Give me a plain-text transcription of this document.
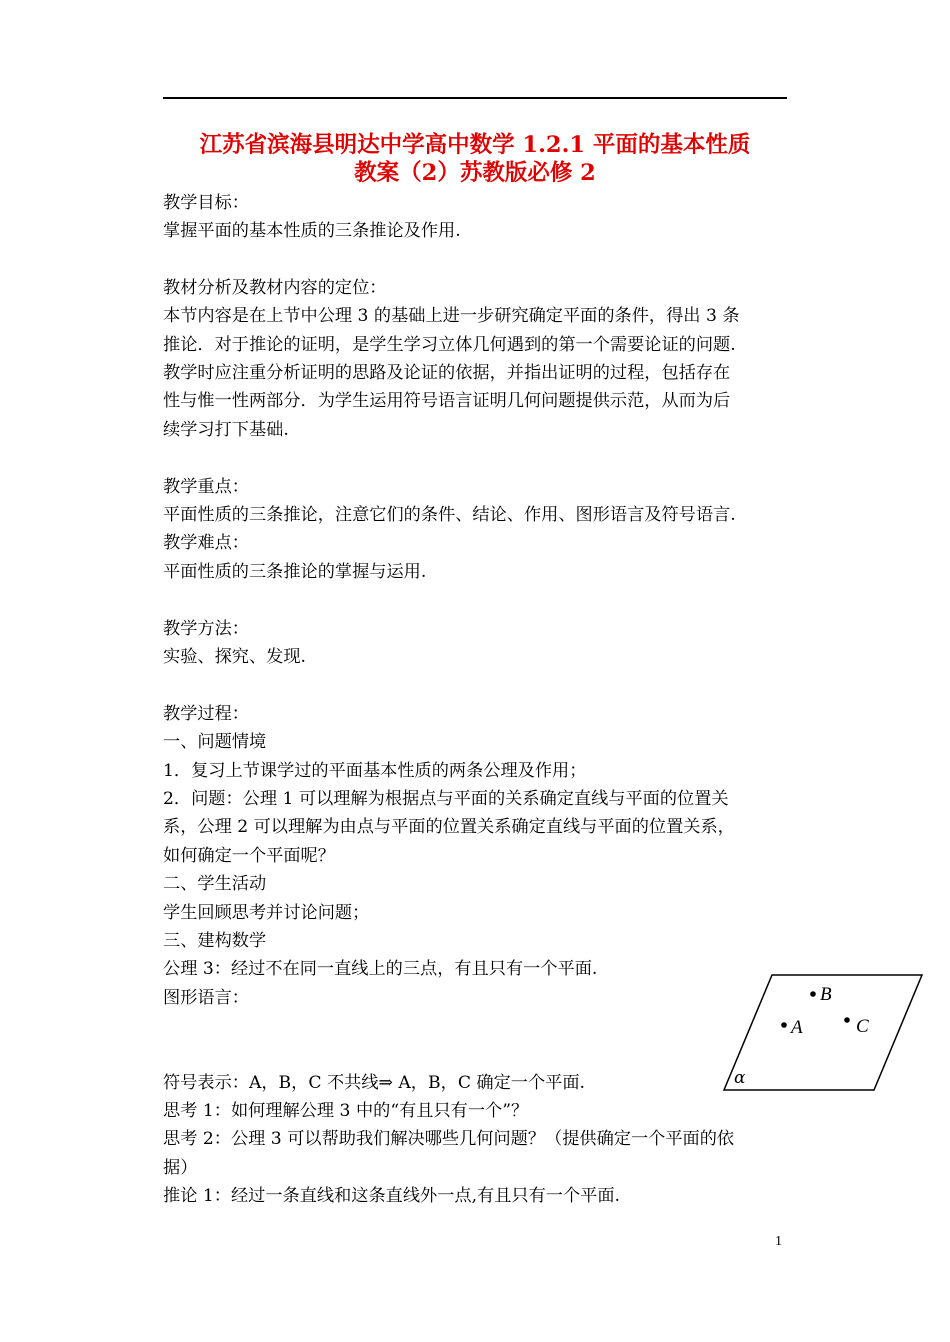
江苏省滨海县明达中学高中数学 1.2.1 平面的基本性质
教案（2）苏教版必修 2
教学目标：
掌握平面的基本性质的三条推论及作用.
教材分析及教材内容的定位：
本节内容是在上节中公理 3 的基础上进一步研究确定平面的条件，得出 3 条
推论．对于推论的证明，是学生学习立体几何遇到的第一个需要论证的问题.
教学时应注重分析证明的思路及论证的依据，并指出证明的过程，包括存在
性与惟一性两部分．为学生运用符号语言证明几何问题提供示范，从而为后
续学习打下基础.
教学重点：
平面性质的三条推论，注意它们的条件、结论、作用、图形语言及符号语言.
教学难点：
平面性质的三条推论的掌握与运用.
教学方法：
实验、探究、发现.
教学过程：
一、问题情境
1．复习上节课学过的平面基本性质的两条公理及作用；
2．问题：公理 1 可以理解为根据点与平面的关系确定直线与平面的位置关
系，公理 2 可以理解为由点与平面的位置关系确定直线与平面的位置关系，
如何确定一个平面呢？
二、学生活动
学生回顾思考并讨论问题；
三、建构数学
公理 3：经过不在同一直线上的三点，有且只有一个平面.
图形语言：
符号表示：A，B，C 不共线⇒ A，B，C 确定一个平面.
思考 1：如何理解公理 3 中的“有且只有一个”？
思考 2：公理 3 可以帮助我们解决哪些几何问题？（提供确定一个平面的依
据）
推论 1：经过一条直线和这条直线外一点,有且只有一个平面.
B
A	C
α
1
